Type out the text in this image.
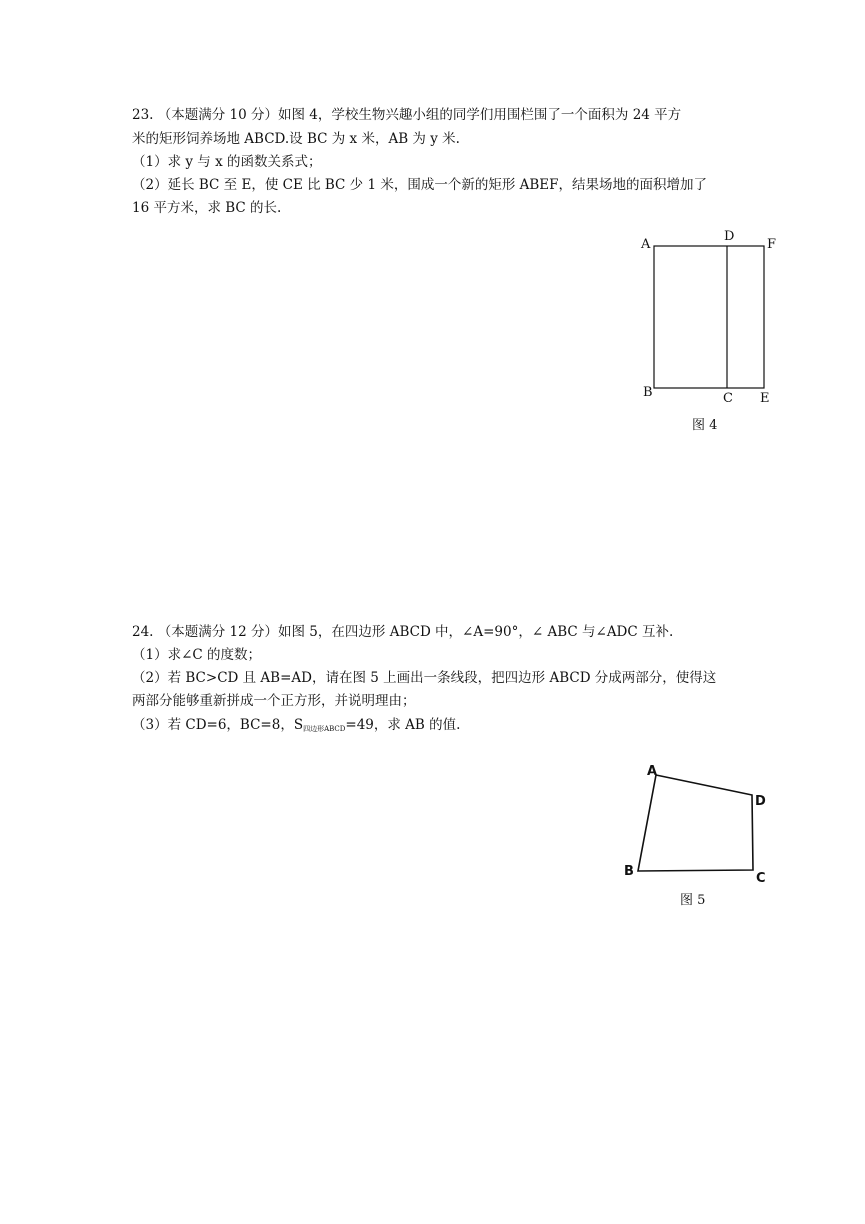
23. （本题满分 10 分）如图 4，学校生物兴趣小组的同学们用围栏围了一个面积为 24 平方
米的矩形饲养场地 ABCD.设 BC 为 x 米，AB 为 y 米.
（1）求 y 与 x 的函数关系式；
（2）延长 BC 至 E，使 CE 比 BC 少 1 米，围成一个新的矩形 ABEF，结果场地的面积增加了
16 平方米，求 BC 的长.
A
D
F
B	C E
图 4
24. （本题满分 12 分）如图 5，在四边形 ABCD 中，∠A=90°，∠ ABC 与∠ADC 互补.
（1）求∠C 的度数；
（2）若 BC>CD 且 AB=AD，请在图 5 上画出一条线段，把四边形 ABCD 分成两部分，使得这
两部分能够重新拼成一个正方形，并说明理由；
（3）若 CD=6，BC=8，$S_{四边形ABCD}=49$，求 AB 的值.
A
D
B	C
图 5
